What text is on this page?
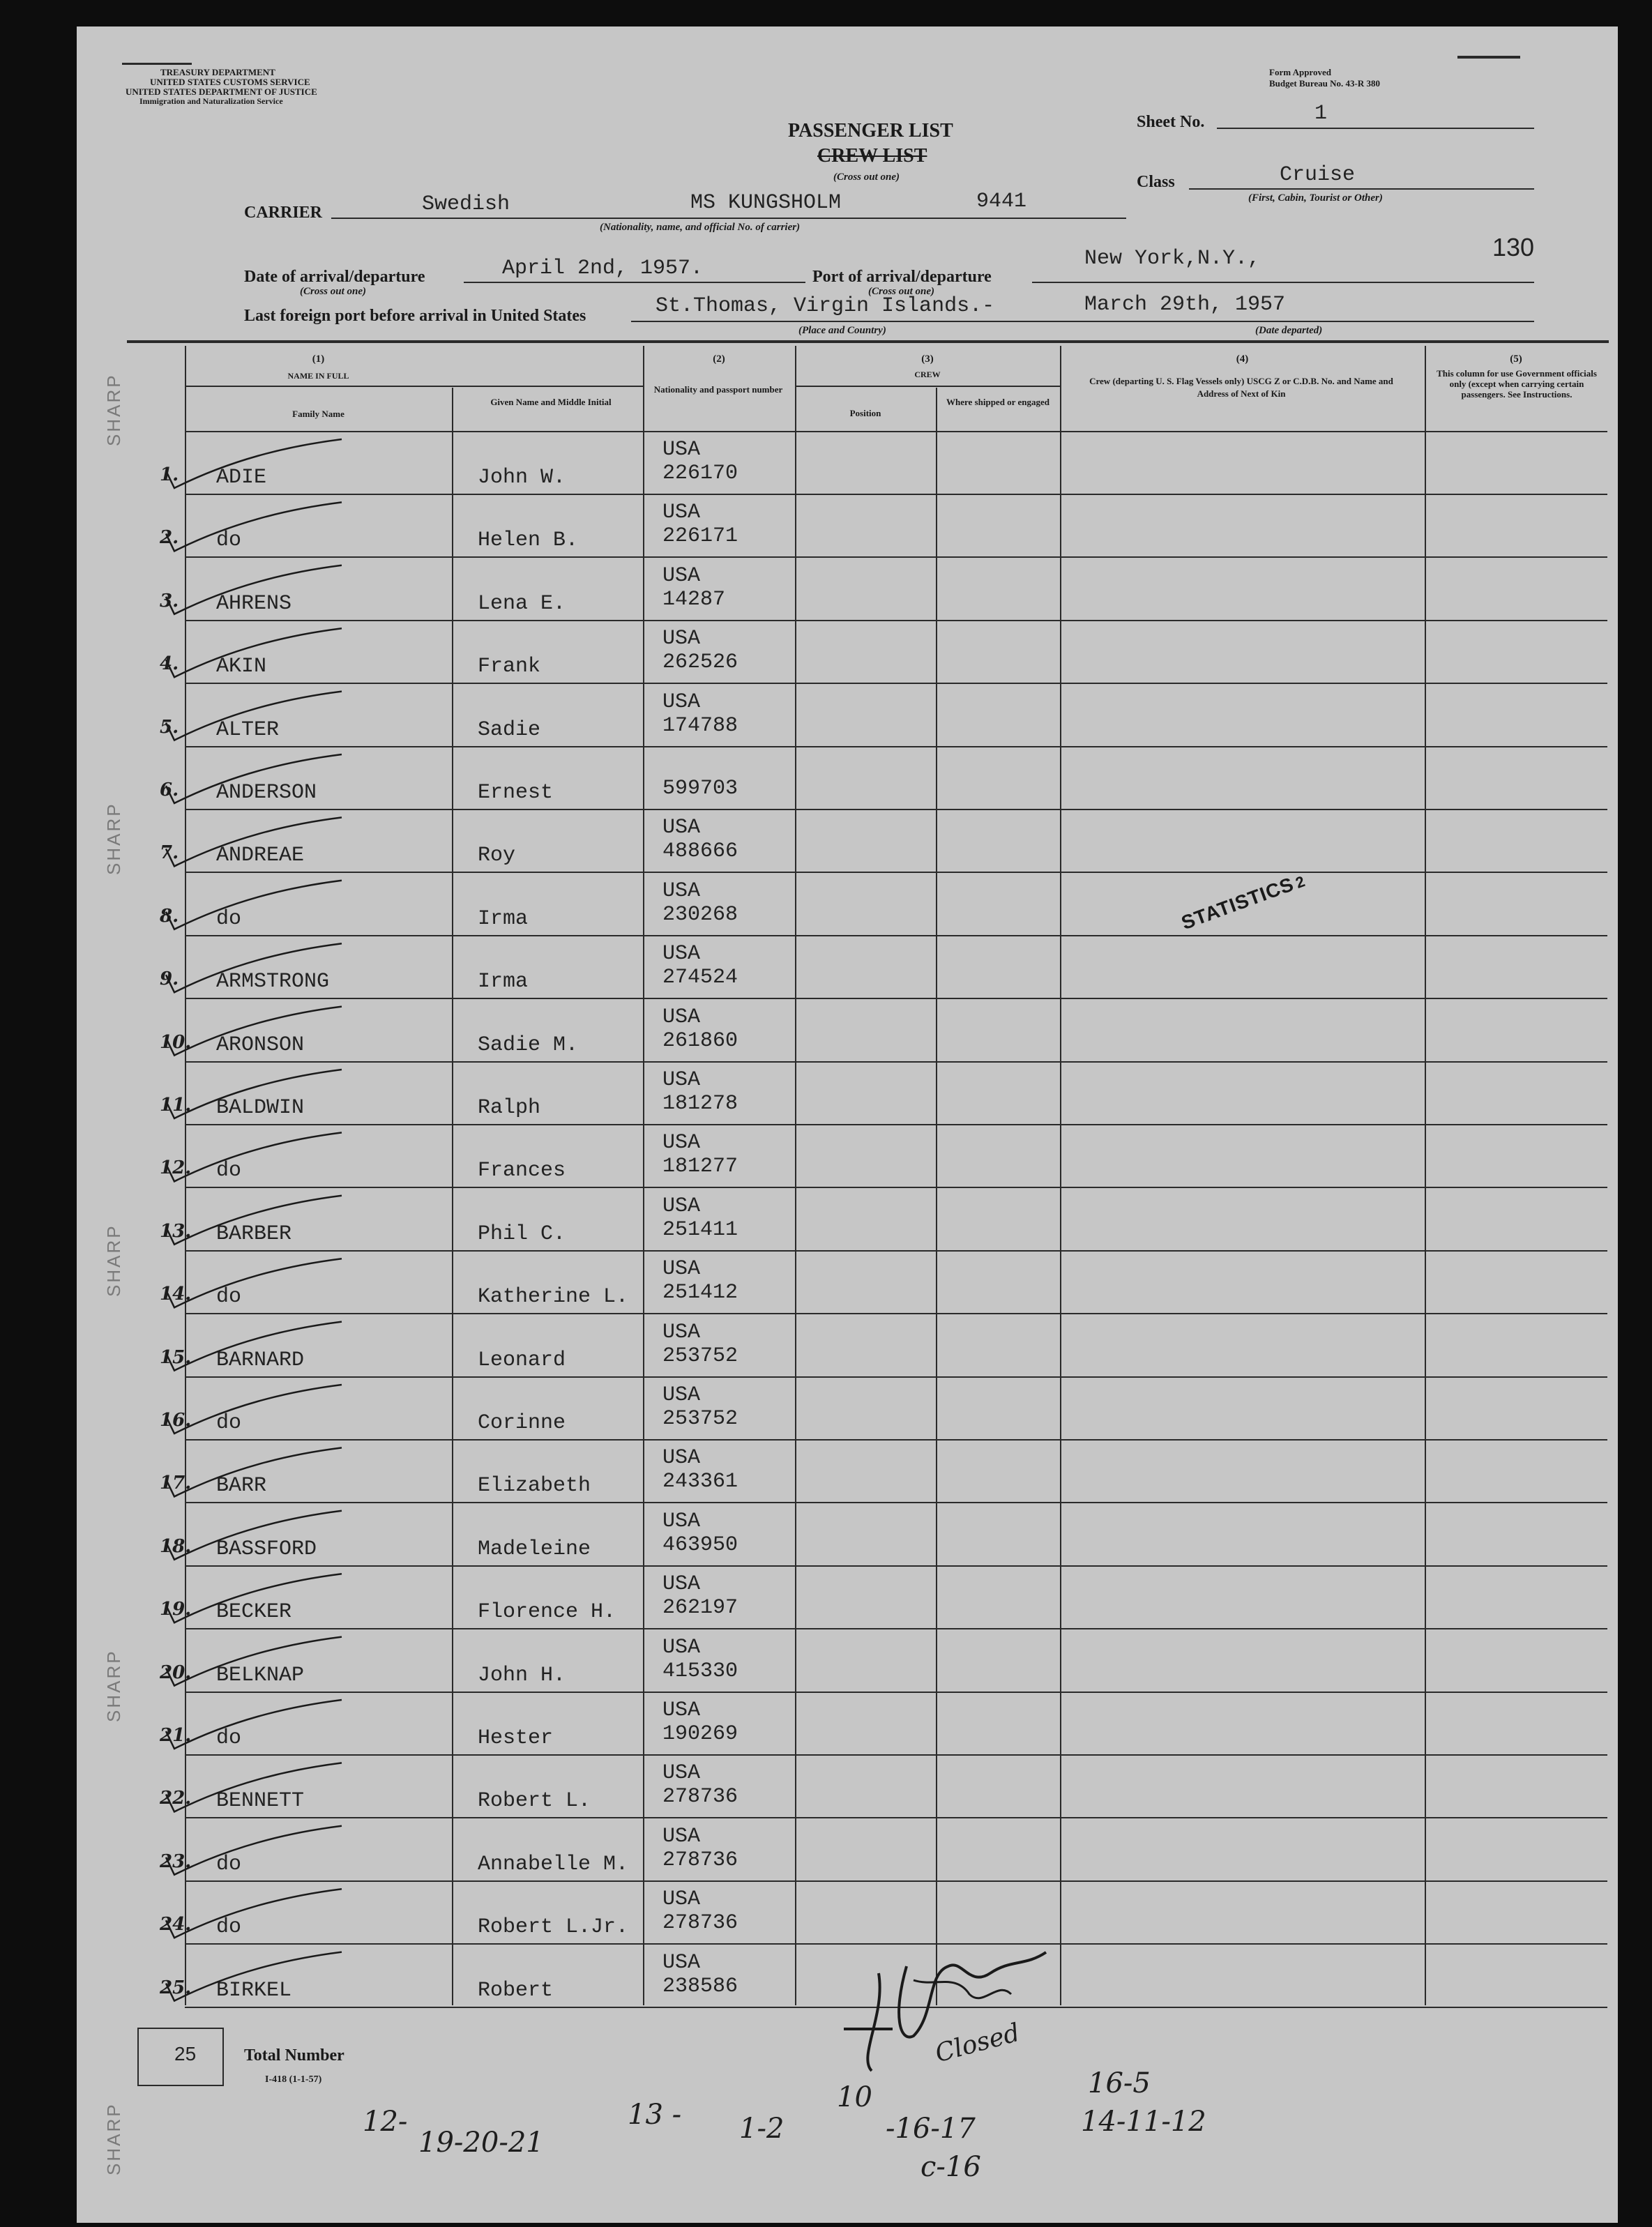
SHARP
SHARP
SHARP
SHARP
SHARP
TREASURY DEPARTMENT
UNITED STATES CUSTOMS SERVICE
UNITED STATES DEPARTMENT OF JUSTICE
Immigration and Naturalization Service
Form Approved
Budget Bureau No. 43-R 380
PASSENGER LIST
CREW LIST
(Cross out one)
Sheet No.	1
Class	Cruise
(First, Cabin, Tourist or Other)
CARRIER	Swedish	MS KUNGSHOLM	9441
(Nationality, name, and official No. of carrier)
130
Date of arrival/departure	April 2nd, 1957.
(Cross out one)
Port of arrival/departure
New York,N.Y.,
(Cross out one)
Last foreign port before arrival in United States	St.Thomas, Virgin Islands.-
(Place and Country)
March 29th, 1957
(Date departed)
(1)
NAME IN FULL
Family Name
Given Name and Middle Initial
(2)
Nationality and passport number
(3)
CREW
Position
Where shipped or engaged
(4)
Crew (departing U. S. Flag Vessels only) USCG Z or C.D.B. No. and Name and Address of Next of Kin
(5)
This column for use Government officials only (except when carrying certain passengers. See Instructions.
1. ADIE	John W.
USA
226170
2. do	Helen B.
USA
226171
3. AHRENS	Lena E.
USA
14287
4. AKIN	Frank
USA
262526
5. ALTER	Sadie
USA
174788
6. ANDERSON	Ernest	599703
7. ANDREAE	Roy
USA
488666
8. do	Irma
USA
230268
9. ARMSTRONG	Irma
USA
274524
10. ARONSON	Sadie M.
USA
261860
11. BALDWIN	Ralph
USA
181278
12. do	Frances
USA
181277
13. BARBER	Phil C.
USA
251411
14. do	Katherine L.
USA
251412
15. BARNARD	Leonard
USA
253752
16. do	Corinne
USA
253752
17. BARR	Elizabeth
USA
243361
18. BASSFORD	Madeleine
USA
463950
19. BECKER	Florence H.
USA
262197
20. BELKNAP	John H.
USA
415330
21. do	Hester
USA
190269
22. BENNETT	Robert L.
USA
278736
23. do	Annabelle M.
USA
278736
24. do	Robert L.Jr.
USA
278736
25. BIRKEL	Robert
USA
238586
STATISTICS2
25	Total Number
I-418 (1-1-57)
Closed
12-
19-20-21
13 - 1-2
10
-16-17
c-16
16-5
14-11-12
